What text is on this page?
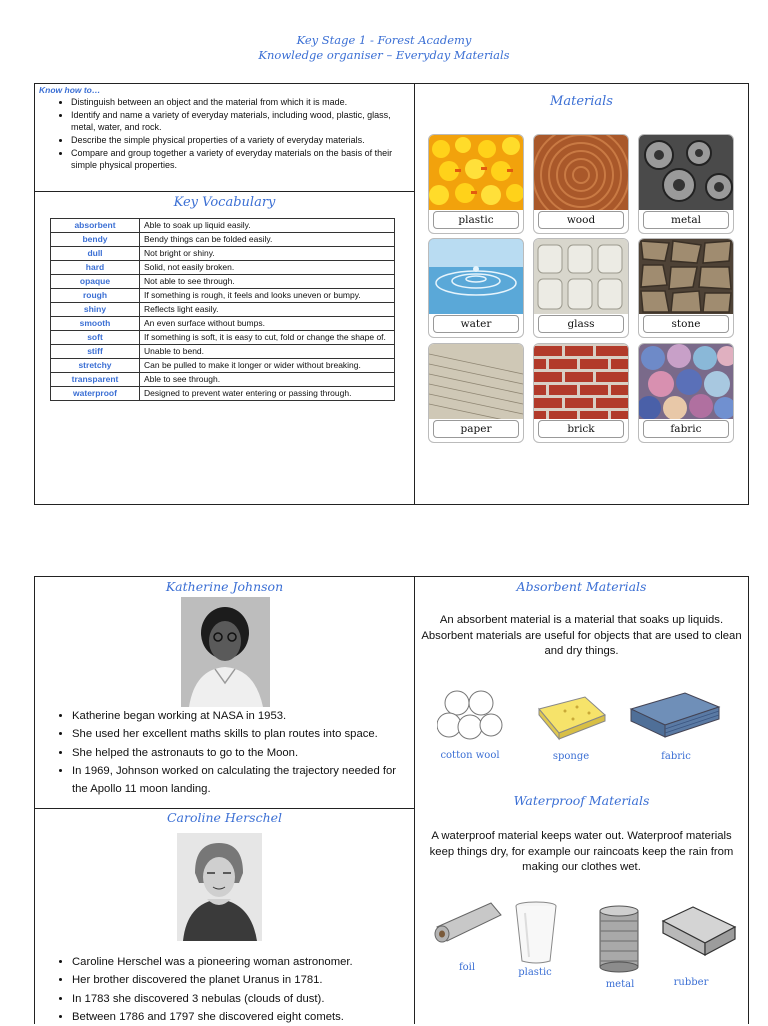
Key Stage 1 - Forest Academy
Knowledge organiser – Everyday Materials
Know how to…
• Distinguish between an object and the material from which it is made.
• Identify and name a variety of everyday materials, including wood, plastic, glass, metal, water, and rock.
• Describe the simple physical properties of a variety of everyday materials.
• Compare and group together a variety of everyday materials on the basis of their simple physical properties.
Key Vocabulary
absorbent	Able to soak up liquid easily.
bendy	Bendy things can be folded easily.
dull	Not bright or shiny.
hard	Solid, not easily broken.
opaque	Not able to see through.
rough	If something is rough, it feels and looks uneven or bumpy.
shiny	Reflects light easily.
smooth	An even surface without bumps.
soft	If something is soft, it is easy to cut, fold or change the shape of.
stiff	Unable to bend.
stretchy	Can be pulled to make it longer or wider without breaking.
transparent	Able to see through.
waterproof	Designed to prevent water entering or passing through.
Materials
plastic	wood	metal
water	glass	stone
paper	brick	fabric
Katherine Johnson
• Katherine began working at NASA in 1953.
• She used her excellent maths skills to plan routes into space.
• She helped the astronauts to go to the Moon.
• In 1969, Johnson worked on calculating the trajectory needed for the Apollo 11 moon landing.
Caroline Herschel
• Caroline Herschel was a pioneering woman astronomer.
• Her brother discovered the planet Uranus in 1781.
• In 1783 she discovered 3 nebulas (clouds of dust).
• Between 1786 and 1797 she discovered eight comets.
Absorbent Materials
An absorbent material is a material that soaks up liquids. Absorbent materials are useful for objects that are used to clean and dry things.
cotton wool	sponge	fabric
Waterproof Materials
A waterproof material keeps water out. Waterproof materials keep things dry, for example our raincoats keep the rain from making our clothes wet.
foil	plastic
metal	rubber
